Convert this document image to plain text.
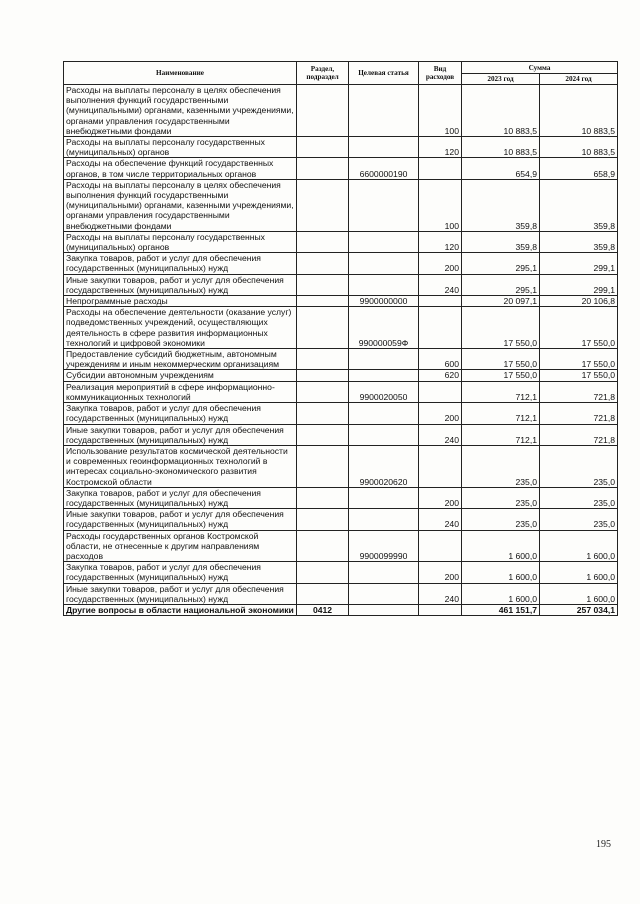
Наименование	Раздел, подраздел	Целевая статья	Вид расходов	Сумма	
				2023 год	2024 год
Расходы на выплаты персоналу в целях обеспечения выполнения функций государственными (муниципальными) органами, казенными учреждениями, органами управления государственными внебюджетными фондами			100	10 883,5	10 883,5
Расходы на выплаты персоналу государственных (муниципальных) органов			120	10 883,5	10 883,5
Расходы на обеспечение функций государственных органов, в том числе территориальных органов		6600000190		654,9	658,9
Расходы на выплаты персоналу в целях обеспечения выполнения функций государственными (муниципальными) органами, казенными учреждениями, органами управления государственными внебюджетными фондами			100	359,8	359,8
Расходы на выплаты персоналу государственных (муниципальных) органов			120	359,8	359,8
Закупка товаров, работ и услуг для обеспечения государственных (муниципальных) нужд			200	295,1	299,1
Иные закупки товаров, работ и услуг для обеспечения государственных (муниципальных) нужд			240	295,1	299,1
Непрограммные расходы		9900000000		20 097,1	20 106,8
Расходы на обеспечение деятельности (оказание услуг) подведомственных учреждений, осуществляющих деятельность в сфере развития информационных технологий и цифровой экономики		990000059Ф		17 550,0	17 550,0
Предоставление субсидий бюджетным, автономным учреждениям и иным некоммерческим организациям			600	17 550,0	17 550,0
Субсидии автономным учреждениям			620	17 550,0	17 550,0
Реализация мероприятий в сфере информационно-коммуникационных технологий		9900020050		712,1	721,8
Закупка товаров, работ и услуг для обеспечения государственных (муниципальных) нужд			200	712,1	721,8
Иные закупки товаров, работ и услуг для обеспечения государственных (муниципальных) нужд			240	712,1	721,8
Использование результатов космической деятельности и современных геоинформационных технологий в интересах социально-экономического развития Костромской области		9900020620		235,0	235,0
Закупка товаров, работ и услуг для обеспечения государственных (муниципальных) нужд			200	235,0	235,0
Иные закупки товаров, работ и услуг для обеспечения государственных (муниципальных) нужд			240	235,0	235,0
Расходы государственных органов Костромской области, не отнесенные к другим направлениям расходов		9900099990		1 600,0	1 600,0
Закупка товаров, работ и услуг для обеспечения государственных (муниципальных) нужд			200	1 600,0	1 600,0
Иные закупки товаров, работ и услуг для обеспечения государственных (муниципальных) нужд			240	1 600,0	1 600,0
Другие вопросы в области национальной экономики	0412			461 151,7	257 034,1
195
